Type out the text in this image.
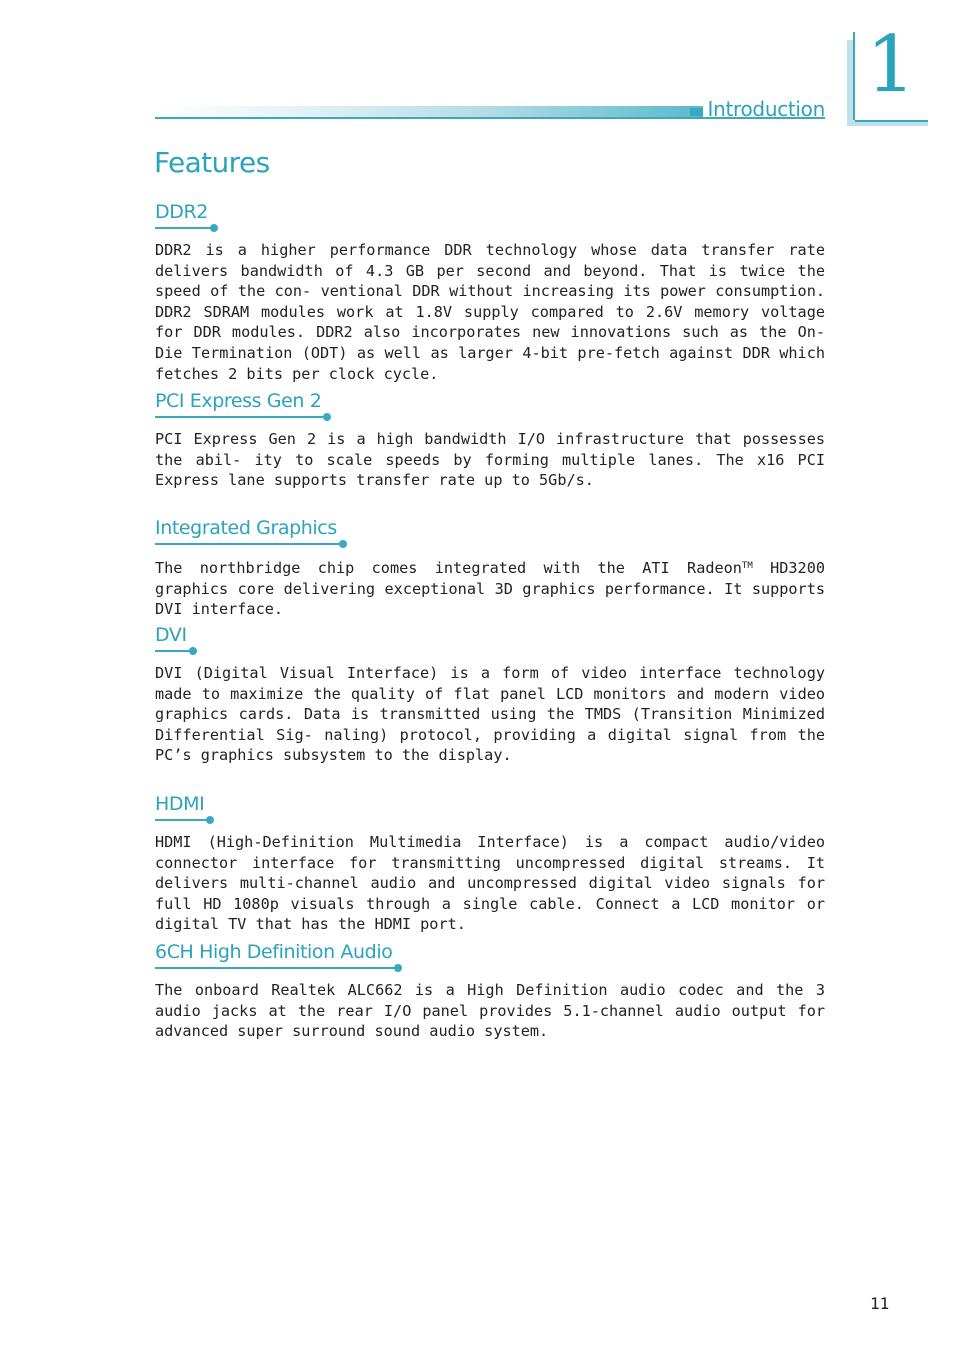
Introduction 1
Features
DDR2

DDR2 is a higher performance DDR technology whose data transfer rate delivers bandwidth of 4.3 GB per second and beyond. That is twice the speed of the con- ventional DDR without increasing its power consumption. DDR2 SDRAM modules work at 1.8V supply compared to 2.6V memory voltage for DDR modules. DDR2 also incorporates new innovations such as the On-Die Termination (ODT) as well as larger 4-bit pre-fetch against DDR which fetches 2 bits per clock cycle.

PCI Express Gen 2

PCI Express Gen 2 is a high bandwidth I/O infrastructure that possesses the abil- ity to scale speeds by forming multiple lanes. The x16 PCI Express lane supports transfer rate up to 5Gb/s.

Integrated Graphics

The northbridge chip comes integrated with the ATI Radeon™ HD3200 graphics core delivering exceptional 3D graphics performance. It supports DVI interface.

DVI

DVI (Digital Visual Interface) is a form of video interface technology made to maximize the quality of flat panel LCD monitors and modern video graphics cards. Data is transmitted using the TMDS (Transition Minimized Differential Sig- naling) protocol, providing a digital signal from the PC’s graphics subsystem to the display.

HDMI

HDMI (High-Definition Multimedia Interface) is a compact audio/video connector interface for transmitting uncompressed digital streams. It delivers multi-channel audio and uncompressed digital video signals for full HD 1080p visuals through a single cable. Connect a LCD monitor or digital TV that has the HDMI port.

6CH High Definition Audio

The onboard Realtek ALC662 is a High Definition audio codec and the 3 audio jacks at the rear I/O panel provides 5.1-channel audio output for advanced super surround sound audio system.

11
